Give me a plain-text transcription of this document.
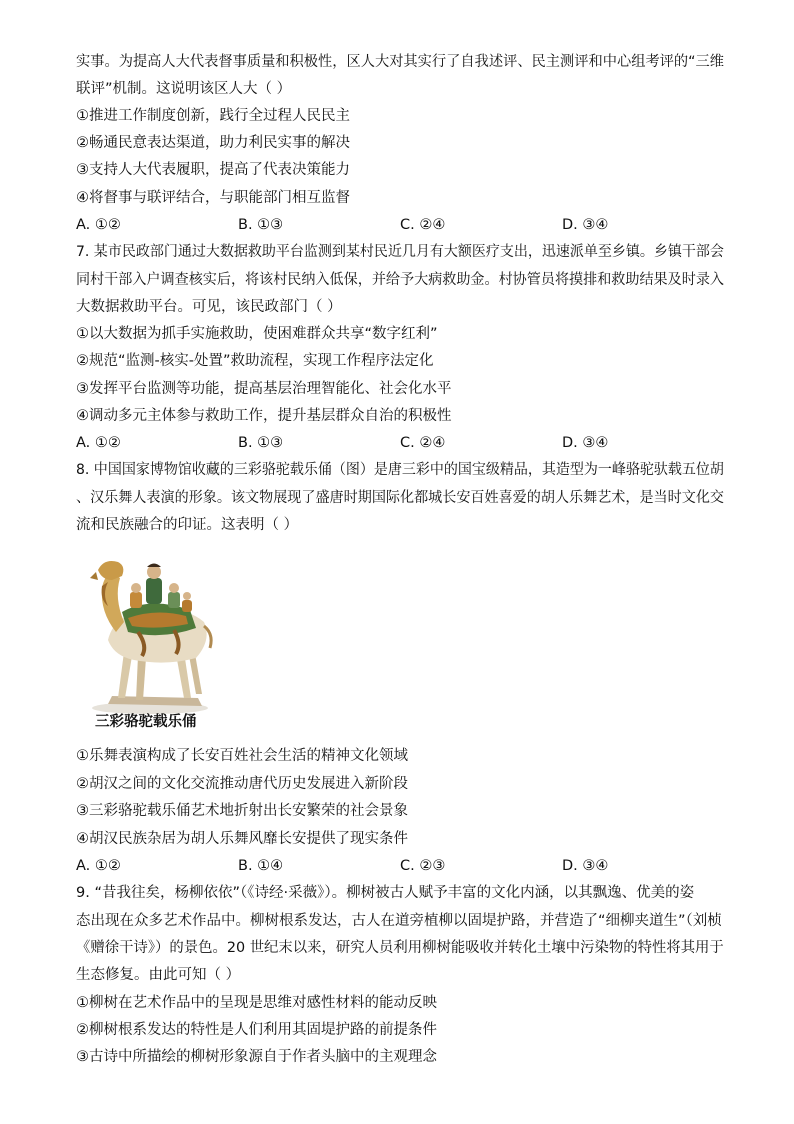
实事。为提高人大代表督事质量和积极性，区人大对其实行了自我述评、民主测评和中心组考评的“三维
联评”机制。这说明该区人大（ ）
①推进工作制度创新，践行全过程人民民主
②畅通民意表达渠道，助力利民实事的解决
③支持人大代表履职，提高了代表决策能力
④将督事与联评结合，与职能部门相互监督
A. ①②	B. ①③	C. ②④	D. ③④
7. 某市民政部门通过大数据救助平台监测到某村民近几月有大额医疗支出，迅速派单至乡镇。乡镇干部会
同村干部入户调查核实后，将该村民纳入低保，并给予大病救助金。村协管员将摸排和救助结果及时录入
大数据救助平台。可见，该民政部门（ ）
①以大数据为抓手实施救助，使困难群众共享“数字红利”
②规范“监测-核实-处置”救助流程，实现工作程序法定化
③发挥平台监测等功能，提高基层治理智能化、社会化水平
④调动多元主体参与救助工作，提升基层群众自治的积极性
A. ①②	B. ①③	C. ②④	D. ③④
8. 中国国家博物馆收藏的三彩骆驼载乐俑（图）是唐三彩中的国宝级精品，其造型为一峰骆驼驮载五位胡
、汉乐舞人表演的形象。该文物展现了盛唐时期国际化都城长安百姓喜爱的胡人乐舞艺术，是当时文化交
流和民族融合的印证。这表明（ ）
三彩骆驼载乐俑
①乐舞表演构成了长安百姓社会生活的精神文化领域
②胡汉之间的文化交流推动唐代历史发展进入新阶段
③三彩骆驼载乐俑艺术地折射出长安繁荣的社会景象
④胡汉民族杂居为胡人乐舞风靡长安提供了现实条件
A. ①②	B. ①④	C. ②③	D. ③④
9. “昔我往矣，杨柳依依”（《诗经·采薇》）。柳树被古人赋予丰富的文化内涵，以其飘逸、优美的姿
态出现在众多艺术作品中。柳树根系发达，古人在道旁植柳以固堤护路，并营造了“细柳夹道生”（刘桢
《赠徐干诗》）的景色。20 世纪末以来，研究人员利用柳树能吸收并转化土壤中污染物的特性将其用于
生态修复。由此可知（ ）
①柳树在艺术作品中的呈现是思维对感性材料的能动反映
②柳树根系发达的特性是人们利用其固堤护路的前提条件
③古诗中所描绘的柳树形象源自于作者头脑中的主观理念
